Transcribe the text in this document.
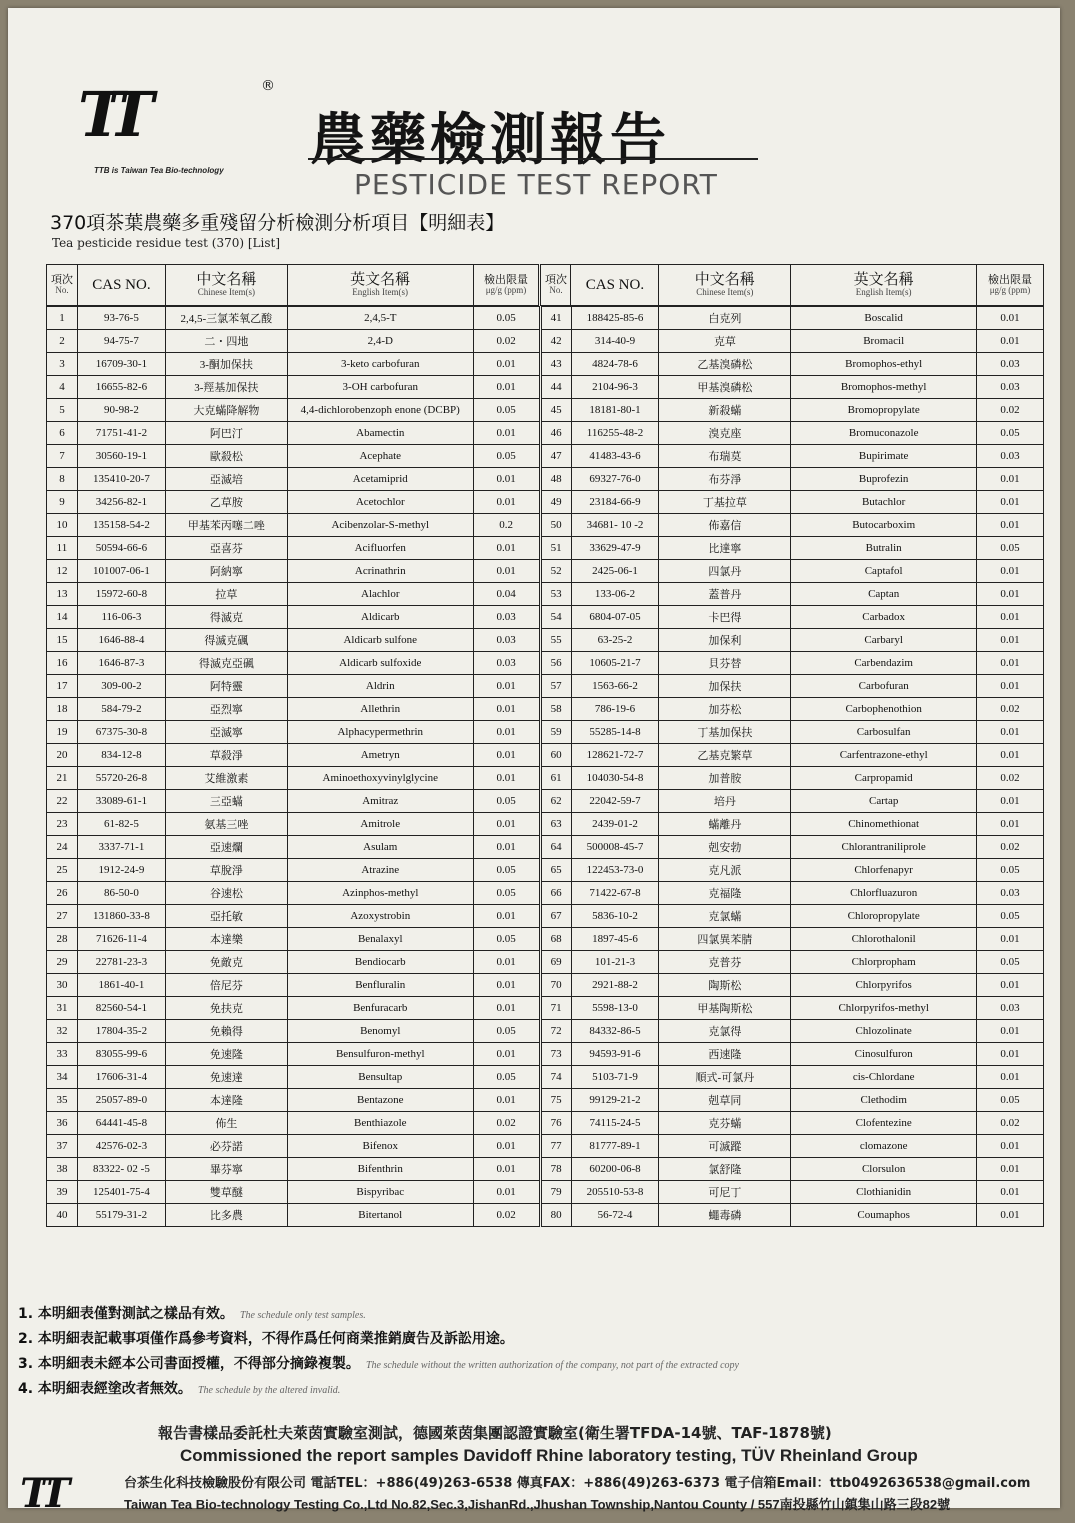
TT	®
TTB is Taiwan Tea Bio-technology 農藥檢測報告
PESTICIDE TEST REPORT
370項茶葉農藥多重殘留分析檢測分析項目【明細表】
Tea pesticide residue test (370) [List]
項次
No.	CAS NO.	中文名稱
Chinese Item(s)
	英文名稱
English Item(s)
	檢出限量
μg/g (ppm)
	項次
No.	CAS NO.	中文名稱
Chinese Item(s)
	英文名稱
English Item(s)
	檢出限量
μg/g (ppm)
1	93-76-5	2,4,5-三氯苯氧乙酸	2,4,5-T	0.05	41	188425-85-6	白克列	Boscalid	0.01
2	94-75-7	二・四地	2,4-D	0.02	42	314-40-9	克草	Bromacil	0.01
3	16709-30-1	3-酮加保扶	3-keto carbofuran	0.01	43	4824-78-6	乙基溴磷松	Bromophos-ethyl	0.03
4	16655-82-6	3-羥基加保扶	3-OH carbofuran	0.01	44	2104-96-3	甲基溴磷松	Bromophos-methyl	0.03
5	90-98-2	大克蟎降解物	4,4-dichlorobenzoph enone (DCBP)	0.05	45	18181-80-1	新殺蟎	Bromopropylate	0.02
6	71751-41-2	阿巴汀	Abamectin	0.01	46	116255-48-2	溴克座	Bromuconazole	0.05
7	30560-19-1	歐殺松	Acephate	0.05	47	41483-43-6	布瑞莫	Bupirimate	0.03
8	135410-20-7	亞滅培	Acetamiprid	0.01	48	69327-76-0	布芬淨	Buprofezin	0.01
9	34256-82-1	乙草胺	Acetochlor	0.01	49	23184-66-9	丁基拉草	Butachlor	0.01
10	135158-54-2	甲基苯丙噻二唑	Acibenzolar-S-methyl	0.2	50	34681- 10 -2	佈嘉信	Butocarboxim	0.01
11	50594-66-6	亞喜芬	Acifluorfen	0.01	51	33629-47-9	比達寧	Butralin	0.05
12	101007-06-1	阿納寧	Acrinathrin	0.01	52	2425-06-1	四氯丹	Captafol	0.01
13	15972-60-8	拉草	Alachlor	0.04	53	133-06-2	蓋普丹	Captan	0.01
14	116-06-3	得滅克	Aldicarb	0.03	54	6804-07-05	卡巴得	Carbadox	0.01
15	1646-88-4	得滅克碸	Aldicarb sulfone	0.03	55	63-25-2	加保利	Carbaryl	0.01
16	1646-87-3	得滅克亞碸	Aldicarb sulfoxide	0.03	56	10605-21-7	貝芬替	Carbendazim	0.01
17	309-00-2	阿特靈	Aldrin	0.01	57	1563-66-2	加保扶	Carbofuran	0.01
18	584-79-2	亞烈寧	Allethrin	0.01	58	786-19-6	加芬松	Carbophenothion	0.02
19	67375-30-8	亞滅寧	Alphacypermethrin	0.01	59	55285-14-8	丁基加保扶	Carbosulfan	0.01
20	834-12-8	草殺淨	Ametryn	0.01	60	128621-72-7	乙基克繁草	Carfentrazone-ethyl	0.01
21	55720-26-8	艾維激素	Aminoethoxyvinylglycine	0.01	61	104030-54-8	加普胺	Carpropamid	0.02
22	33089-61-1	三亞蟎	Amitraz	0.05	62	22042-59-7	培丹	Cartap	0.01
23	61-82-5	氨基三唑	Amitrole	0.01	63	2439-01-2	蟎離丹	Chinomethionat	0.01
24	3337-71-1	亞速爛	Asulam	0.01	64	500008-45-7	剋安勃	Chlorantraniliprole	0.02
25	1912-24-9	草脫淨	Atrazine	0.05	65	122453-73-0	克凡派	Chlorfenapyr	0.05
26	86-50-0	谷速松	Azinphos-methyl	0.05	66	71422-67-8	克福隆	Chlorfluazuron	0.03
27	131860-33-8	亞托敏	Azoxystrobin	0.01	67	5836-10-2	克氯蟎	Chloropropylate	0.05
28	71626-11-4	本達樂	Benalaxyl	0.05	68	1897-45-6	四氯異苯腈	Chlorothalonil	0.01
29	22781-23-3	免敵克	Bendiocarb	0.01	69	101-21-3	克普芬	Chlorpropham	0.05
30	1861-40-1	倍尼芬	Benfluralin	0.01	70	2921-88-2	陶斯松	Chlorpyrifos	0.01
31	82560-54-1	免扶克	Benfuracarb	0.01	71	5598-13-0	甲基陶斯松	Chlorpyrifos-methyl	0.03
32	17804-35-2	免賴得	Benomyl	0.05	72	84332-86-5	克氯得	Chlozolinate	0.01
33	83055-99-6	免速隆	Bensulfuron-methyl	0.01	73	94593-91-6	西速隆	Cinosulfuron	0.01
34	17606-31-4	免速達	Bensultap	0.05	74	5103-71-9	順式-可氯丹	cis-Chlordane	0.01
35	25057-89-0	本達隆	Bentazone	0.01	75	99129-21-2	剋草同	Clethodim	0.05
36	64441-45-8	佈生	Benthiazole	0.02	76	74115-24-5	克芬蟎	Clofentezine	0.02
37	42576-02-3	必芬諾	Bifenox	0.01	77	81777-89-1	可滅蹤	clomazone	0.01
38	83322- 02 -5	畢芬寧	Bifenthrin	0.01	78	60200-06-8	氯舒隆	Clorsulon	0.01
39	125401-75-4	雙草醚	Bispyribac	0.01	79	205510-53-8	可尼丁	Clothianidin	0.01
40	55179-31-2	比多農	Bitertanol	0.02	80	56-72-4	蠅毒磷	Coumaphos	0.01
1. 本明細表僅對測試之樣品有效。 The schedule only test samples.
2. 本明細表記載事項僅作爲參考資料，不得作爲任何商業推銷廣告及訴訟用途。
3. 本明細表未經本公司書面授權，不得部分摘錄複製。 The schedule without the written authorization of the company, not part of the extracted copy
4. 本明細表經塗改者無效。 The schedule by the altered invalid.
報告書樣品委託杜夫萊茵實驗室測試，德國萊茵集團認證實驗室(衛生署TFDA-14號、TAF-1878號)
Commissioned the report samples Davidoff Rhine laboratory testing, TÜV Rheinland Group
TT	台茶生化科技檢驗股份有限公司 電話TEL：+886(49)263-6538 傳真FAX：+886(49)263-6373 電子信箱Email：ttb0492636538@gmail.com
Taiwan Tea Bio-technology Testing Co.,Ltd No.82,Sec.3,JishanRd.,Jhushan Township,Nantou County / 557南投縣竹山鎮集山路三段82號
